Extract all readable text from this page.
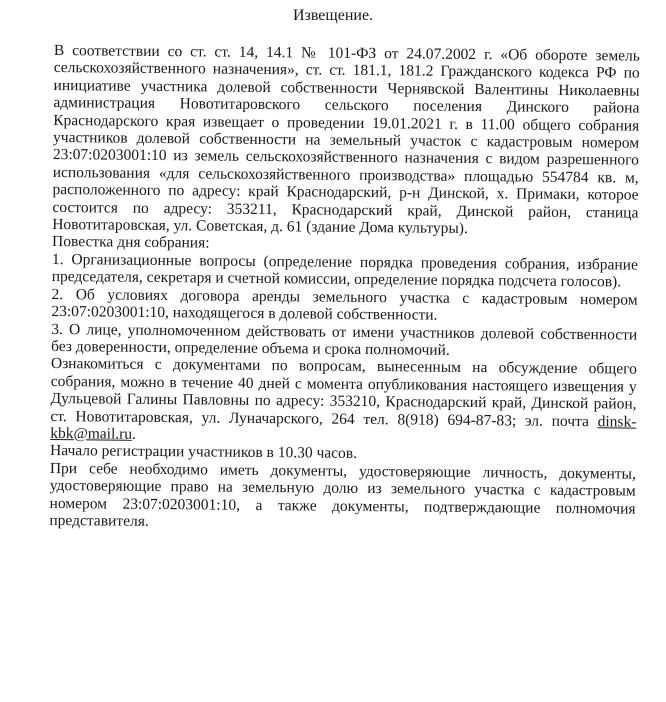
Извещение.

В соответствии со ст. ст. 14, 14.1 № 101-ФЗ от 24.07.2002 г. «Об обороте земель сельскохозяйственного назначения», ст. ст. 181.1, 181.2 Гражданского кодекса РФ по инициативе участника долевой собственности Чернявской Валентины Николаевны администрация Новотитаровского сельского поселения Динского района Краснодарского края извещает о проведении 19.01.2021 г. в 11.00 общего собрания участников долевой собственности на земельный участок с кадастровым номером 23:07:0203001:10 из земель сельскохозяйственного назначения с видом разрешенного использования «для сельскохозяйственного производства» площадью 554784 кв. м, расположенного по адресу: край Краснодарский, р-н Динской, х. Примаки, которое состоится по адресу: 353211, Краснодарский край, Динской район, станица Новотитаровская, ул. Советская, д. 61 (здание Дома культуры).

Повестка дня собрания:

1. Организационные вопросы (определение порядка проведения собрания, избрание председателя, секретаря и счетной комиссии, определение порядка подсчета голосов).

2. Об условиях договора аренды земельного участка с кадастровым номером 23:07:0203001:10, находящегося в долевой собственности.

3. О лице, уполномоченном действовать от имени участников долевой собственности без доверенности, определение объема и срока полномочий.

Ознакомиться с документами по вопросам, вынесенным на обсуждение общего собрания, можно в течение 40 дней с момента опубликования настоящего извещения у Дульцевой Галины Павловны по адресу: 353210, Краснодарский край, Динской район, ст. Новотитаровская, ул. Луначарского, 264 тел. 8(918) 694-87-83; эл. почта dinsk-kbk@mail.ru.

Начало регистрации участников в 10.30 часов.

При себе необходимо иметь документы, удостоверяющие личность, документы, удостоверяющие право на земельную долю из земельного участка с кадастровым номером 23:07:0203001:10, а также документы, подтверждающие полномочия представителя.
